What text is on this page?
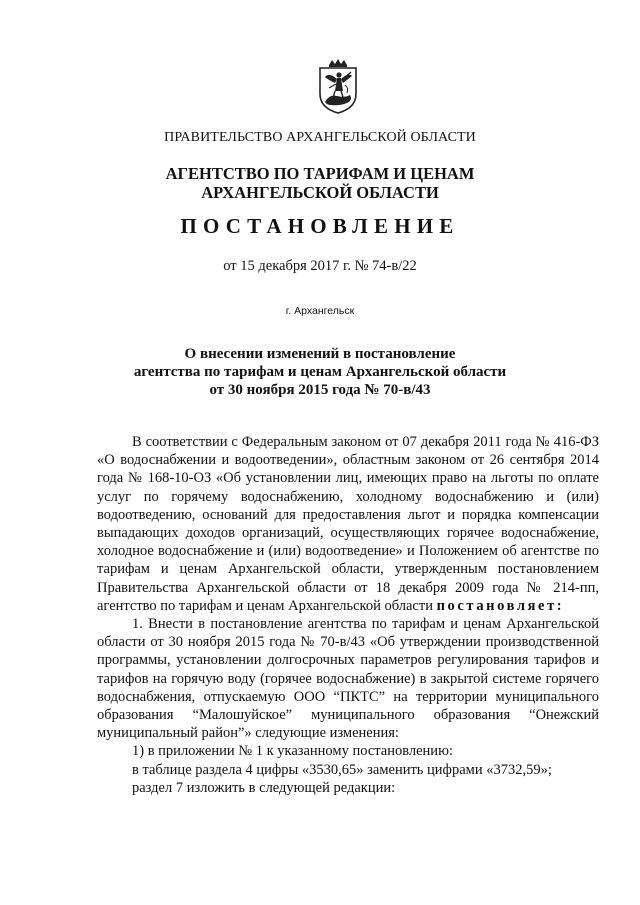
ПРАВИТЕЛЬСТВО АРХАНГЕЛЬСКОЙ ОБЛАСТИ
АГЕНТСТВО ПО ТАРИФАМ И ЦЕНАМ
АРХАНГЕЛЬСКОЙ ОБЛАСТИ
ПОСТАНОВЛЕНИЕ
от 15 декабря 2017 г. № 74-в/22
г. Архангельск
О внесении изменений в постановление
агентства по тарифам и ценам Архангельской области
от 30 ноября 2015 года № 70-в/43

В соответствии с Федеральным законом от 07 декабря 2011 года № 416-ФЗ «О водоснабжении и водоотведении», областным законом от 26 сентября 2014 года № 168-10-ОЗ «Об установлении лиц, имеющих право на льготы по оплате услуг по горячему водоснабжению, холодному водоснабжению и (или) водоотведению, оснований для предоставления льгот и порядка компенсации выпадающих доходов организаций, осуществляющих горячее водоснабжение, холодное водоснабжение и (или) водоотведение» и Положением об агентстве по тарифам и ценам Архангельской области, утвержденным постановлением Правительства Архангельской области от 18 декабря 2009 года № 214-пп, агентство по тарифам и ценам Архангельской области постановляет:

1. Внести в постановление агентства по тарифам и ценам Архангельской области от 30 ноября 2015 года № 70-в/43 «Об утверждении производственной программы, установлении долгосрочных параметров регулирования тарифов и тарифов на горячую воду (горячее водоснабжение) в закрытой системе горячего водоснабжения, отпускаемую ООО “ПКТС” на территории муниципального образования “Малошуйское” муниципального образования “Онежский муниципальный район”» следующие изменения:

1) в приложении № 1 к указанному постановлению:
в таблице раздела 4 цифры «3530,65» заменить цифрами «3732,59»;
раздел 7 изложить в следующей редакции:
